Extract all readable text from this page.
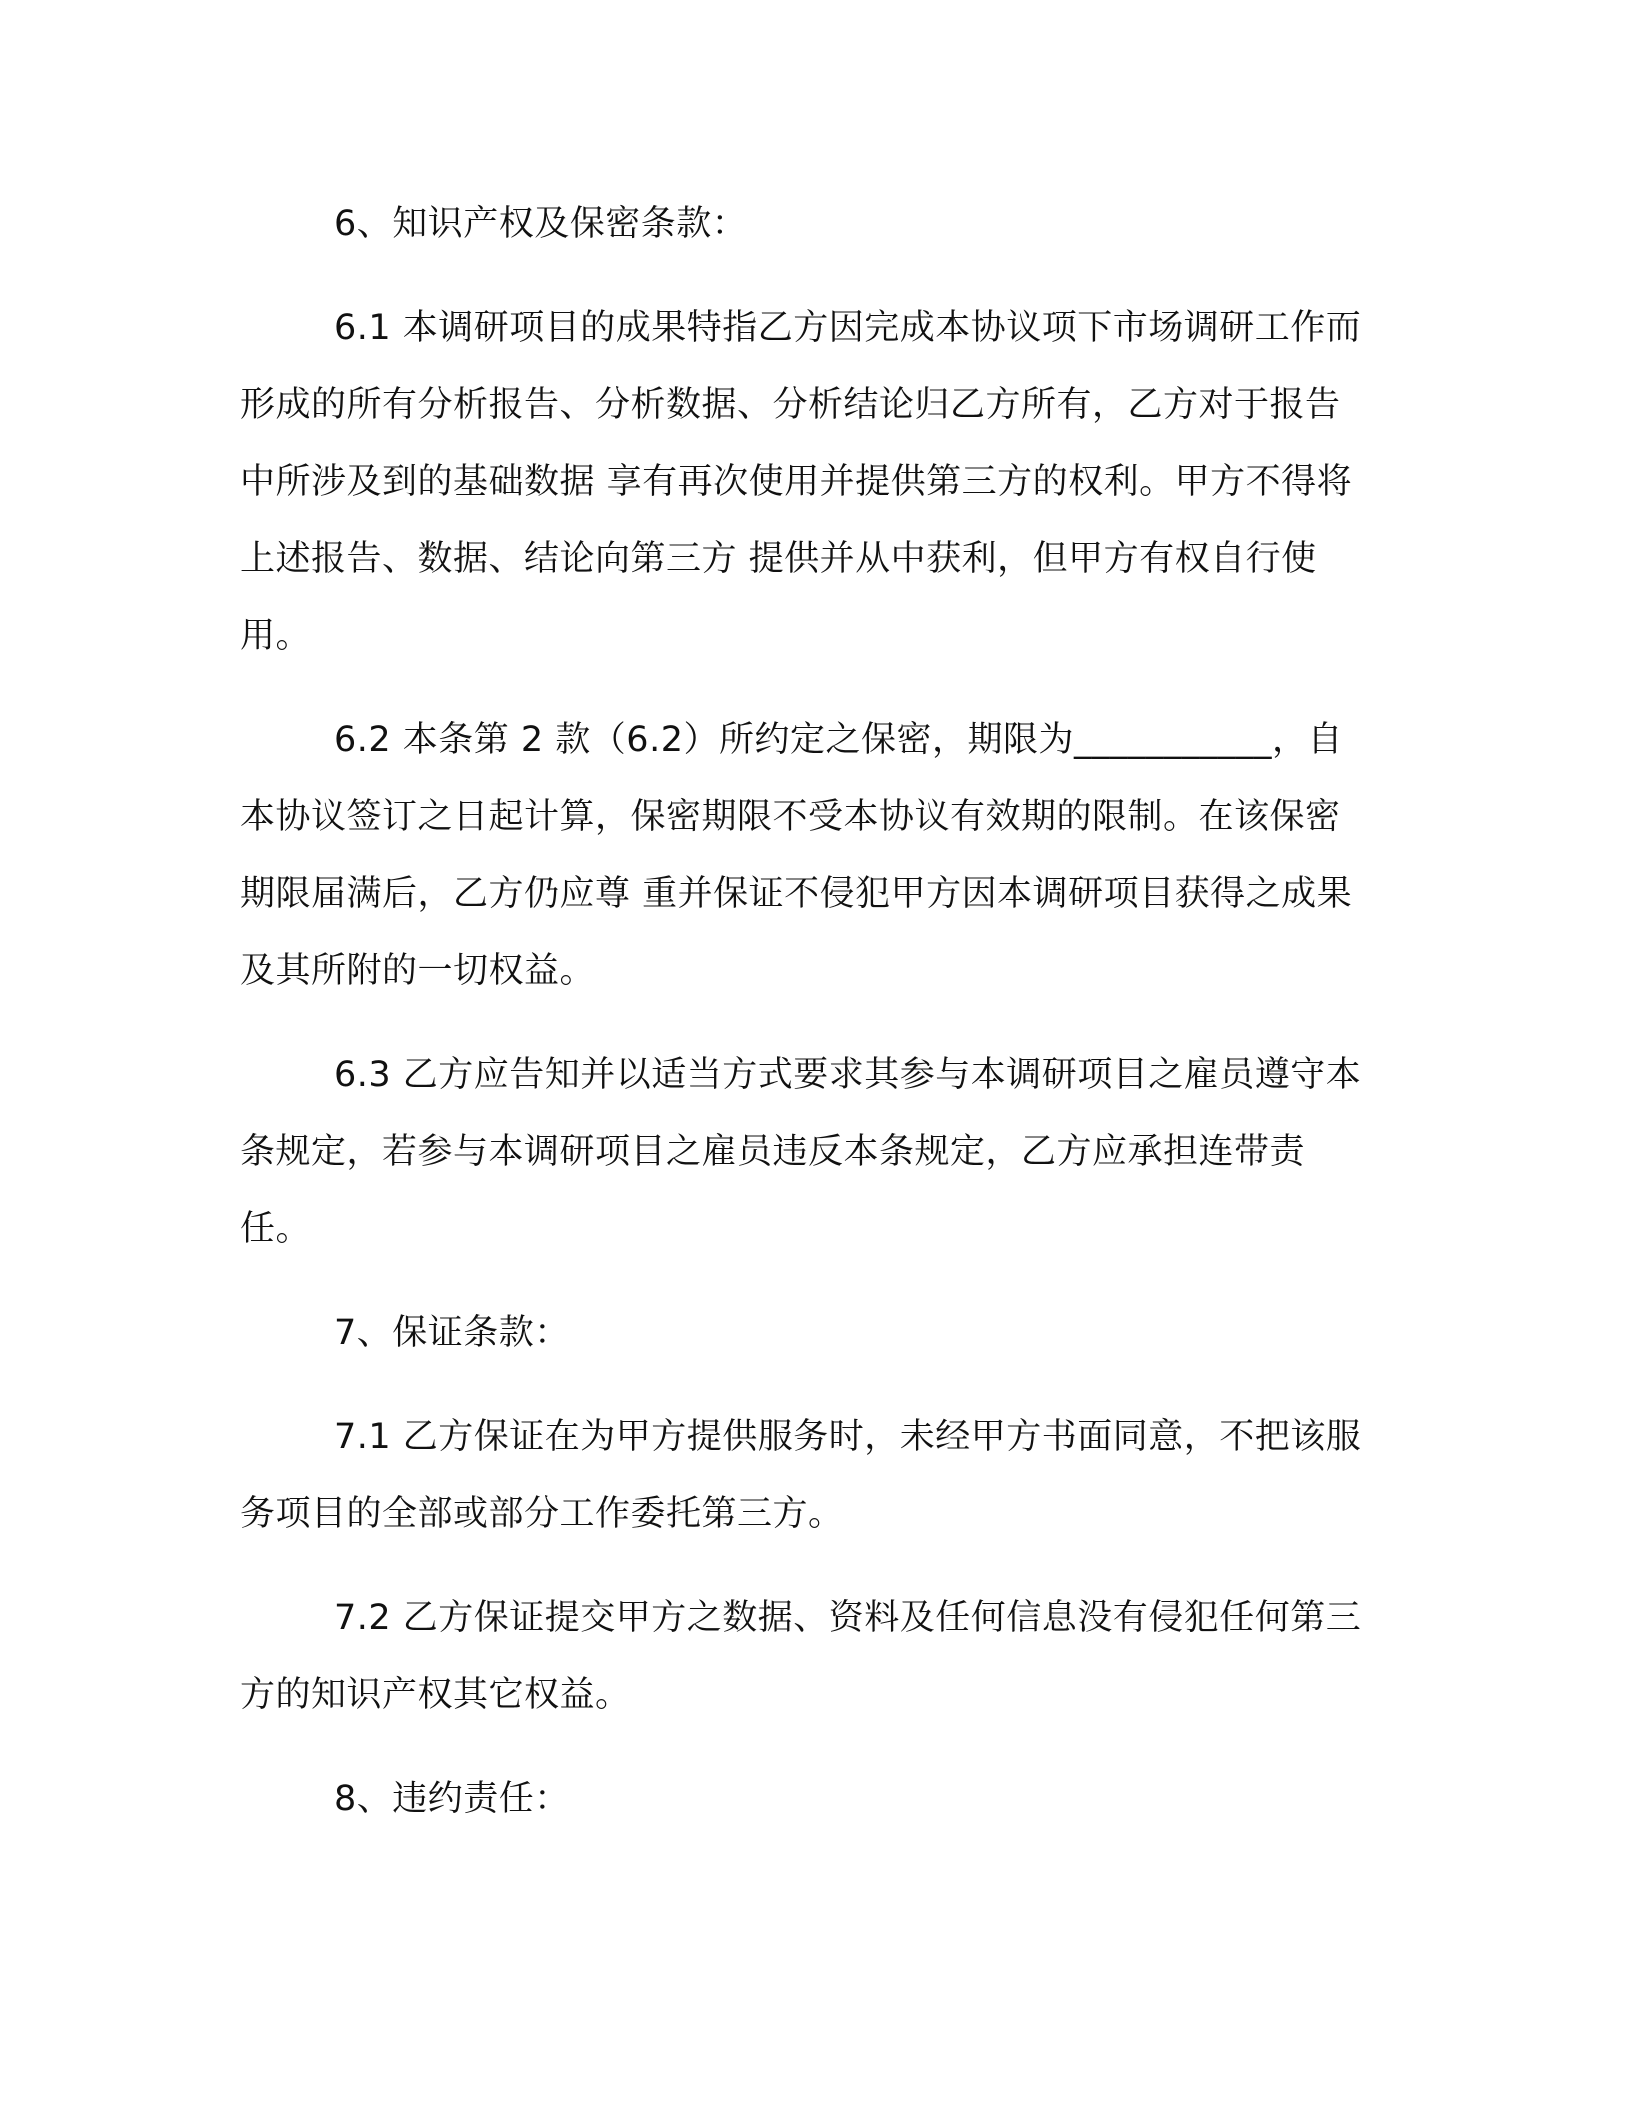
6、知识产权及保密条款：

6.1 本调研项目的成果特指乙方因完成本协议项下市场调研工作而形成的所有分析报告、分析数据、分析结论归乙方所有，乙方对于报告中所涉及到的基础数据 享有再次使用并提供第三方的权利。甲方不得将上述报告、数据、结论向第三方 提供并从中获利，但甲方有权自行使用。

6.2 本条第 2 款（6.2）所约定之保密，期限为___________，自本协议签订之日起计算，保密期限不受本协议有效期的限制。在该保密期限届满后，乙方仍应尊 重并保证不侵犯甲方因本调研项目获得之成果及其所附的一切权益。

6.3 乙方应告知并以适当方式要求其参与本调研项目之雇员遵守本条规定，若参与本调研项目之雇员违反本条规定，乙方应承担连带责任。

7、保证条款：

7.1 乙方保证在为甲方提供服务时，未经甲方书面同意，不把该服务项目的全部或部分工作委托第三方。

7.2 乙方保证提交甲方之数据、资料及任何信息没有侵犯任何第三方的知识产权其它权益。

8、违约责任：
